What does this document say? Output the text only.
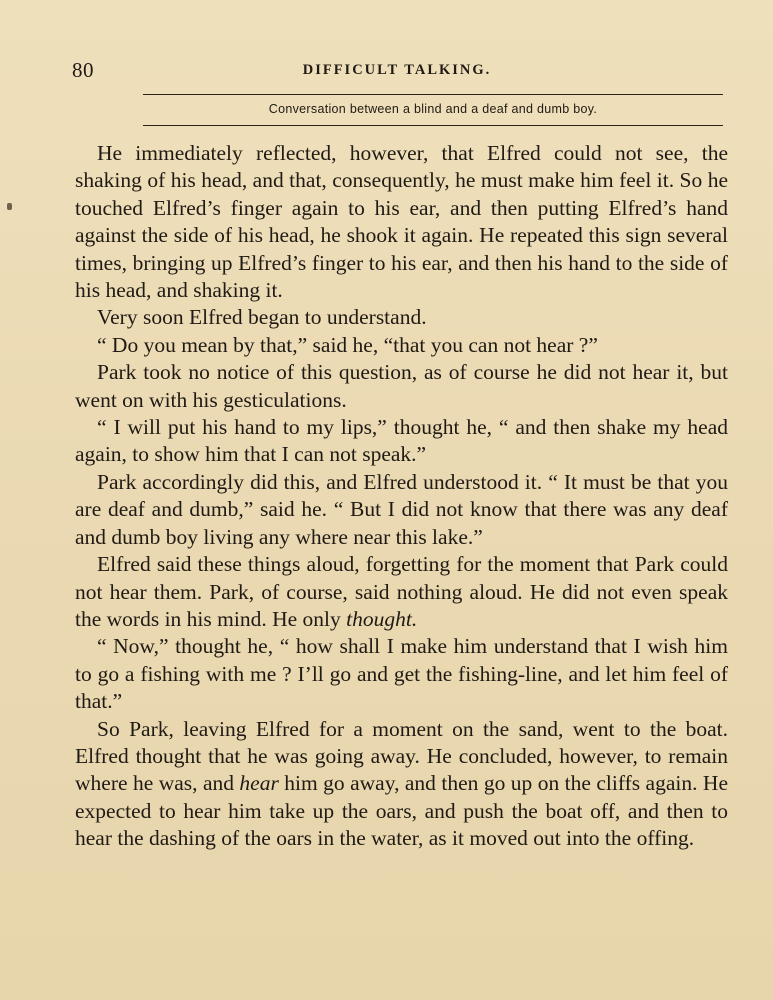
80	DIFFICULT TALKING.
Conversation between a blind and a deaf and dumb boy.

He immediately reflected, however, that Elfred could not see, the shaking of his head, and that, consequently, he must make him feel it. So he touched Elfred’s finger again to his ear, and then putting Elfred’s hand against the side of his head, he shook it again. He repeated this sign several times, bringing up Elfred’s finger to his ear, and then his hand to the side of his head, and shaking it.

Very soon Elfred began to understand.

“ Do you mean by that,” said he, “that you can not hear ?”

Park took no notice of this question, as of course he did not hear it, but went on with his gesticulations.

“ I will put his hand to my lips,” thought he, “ and then shake my head again, to show him that I can not speak.”

Park accordingly did this, and Elfred understood it. “ It must be that you are deaf and dumb,” said he. “ But I did not know that there was any deaf and dumb boy living any where near this lake.”

Elfred said these things aloud, forgetting for the moment that Park could not hear them. Park, of course, said nothing aloud. He did not even speak the words in his mind. He only thought.

“ Now,” thought he, “ how shall I make him understand that I wish him to go a fishing with me ? I’ll go and get the fishing-line, and let him feel of that.”

So Park, leaving Elfred for a moment on the sand, went to the boat. Elfred thought that he was going away. He concluded, however, to remain where he was, and hear him go away, and then go up on the cliffs again. He expected to hear him take up the oars, and push the boat off, and then to hear the dashing of the oars in the water, as it moved out into the offing.
